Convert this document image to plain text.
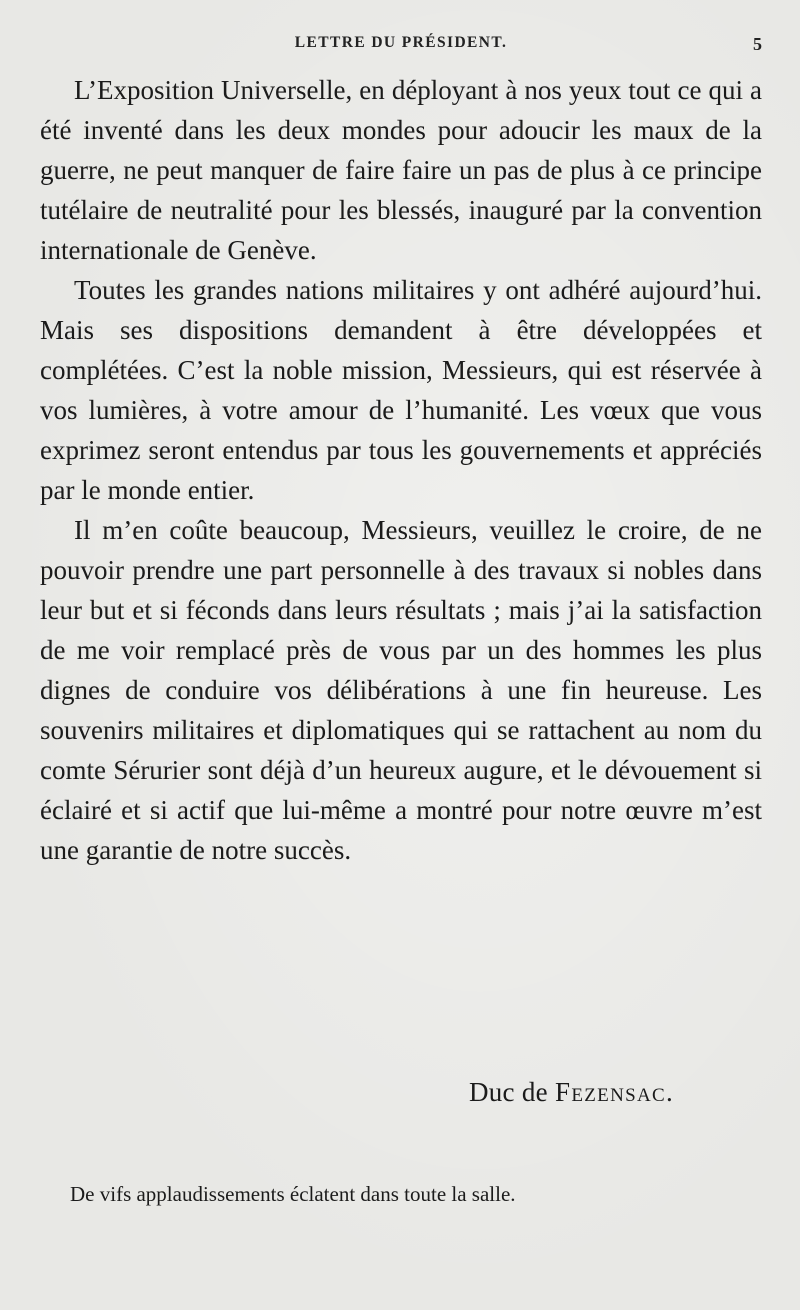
LETTRE DU PRÉSIDENT.	5

L’Exposition Universelle, en déployant à nos yeux tout ce qui a été inventé dans les deux mondes pour adoucir les maux de la guerre, ne peut manquer de faire faire un pas de plus à ce principe tutélaire de neutralité pour les blessés, inauguré par la convention internationale de Genève.

Toutes les grandes nations militaires y ont adhéré aujourd’hui. Mais ses dispositions demandent à être développées et complétées. C’est la noble mission, Messieurs, qui est réservée à vos lumières, à votre amour de l’humanité. Les vœux que vous exprimez seront entendus par tous les gouvernements et appréciés par le monde entier.

Il m’en coûte beaucoup, Messieurs, veuillez le croire, de ne pouvoir prendre une part personnelle à des travaux si nobles dans leur but et si féconds dans leurs résultats ; mais j’ai la satisfaction de me voir remplacé près de vous par un des hommes les plus dignes de conduire vos délibérations à une fin heureuse. Les souvenirs militaires et diplomatiques qui se rattachent au nom du comte Sérurier sont déjà d’un heureux augure, et le dévouement si éclairé et si actif que lui-même a montré pour notre œuvre m’est une garantie de notre succès.

Duc de Fezensac.
De vifs applaudissements éclatent dans toute la salle.
